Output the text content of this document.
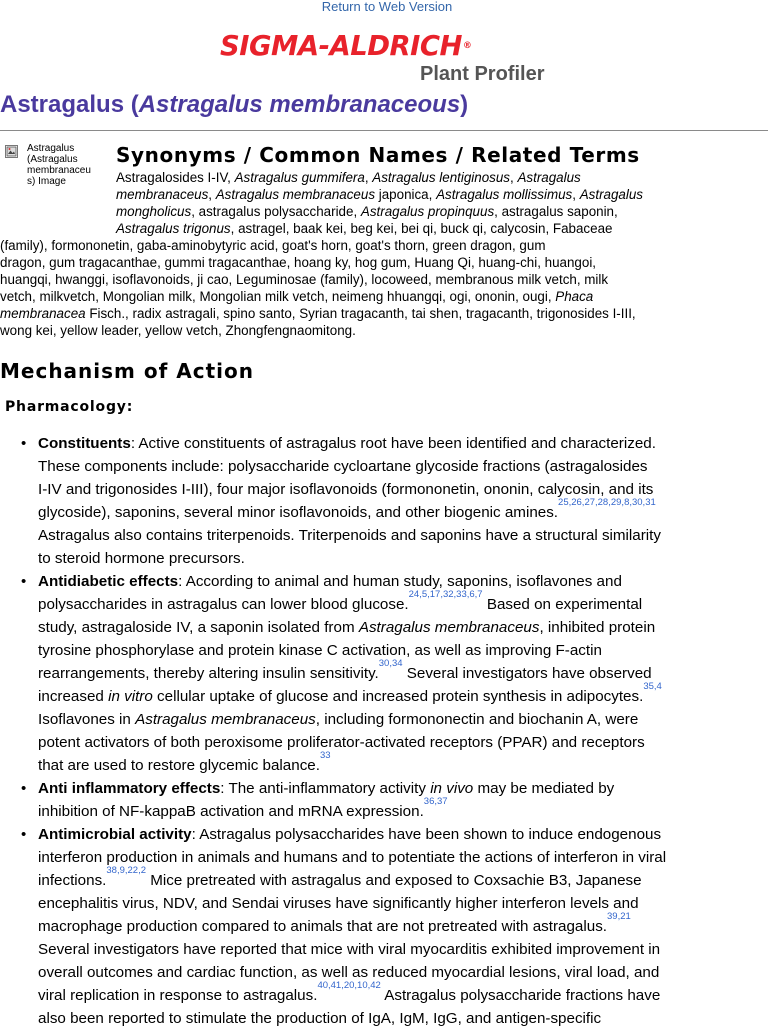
Return to Web Version
SIGMA-ALDRICH®
Plant Profiler
Astragalus (Astragalus membranaceous)
Astragalus
(Astragalus
membranaceu
s) Image
Synonyms / Common Names / Related Terms
Astragalosides I-IV, Astragalus gummifera, Astragalus lentiginosus, Astragalus
membranaceus, Astragalus membranaceus japonica, Astragalus mollissimus, Astragalus
mongholicus, astragalus polysaccharide, Astragalus propinquus, astragalus saponin,
Astragalus trigonus, astragel, baak kei, beg kei, bei qi, buck qi, calycosin, Fabaceae
(family), formononetin, gaba-aminobytyric acid, goat's horn, goat's thorn, green dragon, gum
dragon, gum tragacanthae, gummi tragacanthae, hoang ky, hog gum, Huang Qi, huang-chi, huangoi,
huangqi, hwanggi, isoflavonoids, ji cao, Leguminosae (family), locoweed, membranous milk vetch, milk
vetch, milkvetch, Mongolian milk, Mongolian milk vetch, neimeng hhuangqi, ogi, ononin, ougi, Phaca
membranacea Fisch., radix astragali, spino santo, Syrian tragacanth, tai shen, tragacanth, trigonosides I-III,
wong kei, yellow leader, yellow vetch, Zhongfengnaomitong.
Mechanism of Action
Pharmacology:
• Constituents: Active constituents of astragalus root have been identified and characterized.
These components include: polysaccharide cycloartane glycoside fractions (astragalosides
I-IV and trigonosides I-III), four major isoflavonoids (formononetin, ononin, calycosin, and its
glycoside), saponins, several minor isoflavonoids, and other biogenic amines.$^{25,26,27,28,29,8,30,31}$
Astragalus also contains triterpenoids. Triterpenoids and saponins have a structural similarity
to steroid hormone precursors.
• Antidiabetic effects: According to animal and human study, saponins, isoflavones and
polysaccharides in astragalus can lower blood glucose.$^{24,5,17,32,33,6,7}$ Based on experimental
study, astragaloside IV, a saponin isolated from Astragalus membranaceus, inhibited protein
tyrosine phosphorylase and protein kinase C activation, as well as improving F-actin
rearrangements, thereby altering insulin sensitivity.$^{30,34}$ Several investigators have observed
increased in vitro cellular uptake of glucose and increased protein synthesis in adipocytes.$^{35,4}$
Isoflavones in Astragalus membranaceus, including formononectin and biochanin A, were
potent activators of both peroxisome proliferator-activated receptors (PPAR) and receptors
that are used to restore glycemic balance.$^{33}$
• Anti inflammatory effects: The anti-inflammatory activity in vivo may be mediated by
inhibition of NF-kappaB activation and mRNA expression.$^{36,37}$
• Antimicrobial activity: Astragalus polysaccharides have been shown to induce endogenous
interferon production in animals and humans and to potentiate the actions of interferon in viral
infections.$^{38,9,22,2}$ Mice pretreated with astragalus and exposed to Coxsachie B3, Japanese
encephalitis virus, NDV, and Sendai viruses have significantly higher interferon levels and
macrophage production compared to animals that are not pretreated with astragalus.$^{39,21}$
Several investigators have reported that mice with viral myocarditis exhibited improvement in
overall outcomes and cardiac function, as well as reduced myocardial lesions, viral load, and
viral replication in response to astragalus.$^{40,41,20,10,42}$ Astragalus polysaccharide fractions have
also been reported to stimulate the production of IgA, IgM, IgG, and antigen-specific
